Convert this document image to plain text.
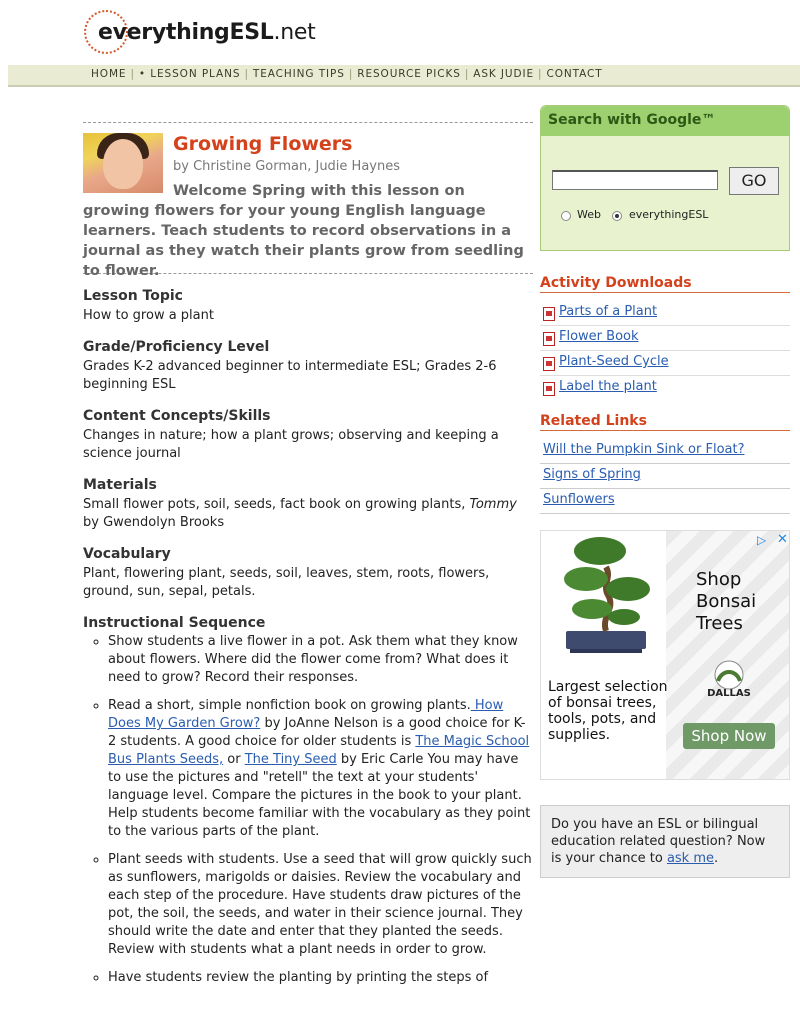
everythingESL.net
HOME | • LESSON PLANS | TEACHING TIPS | RESOURCE PICKS | ASK JUDIE | CONTACT
Growing Flowers
by Christine Gorman, Judie Haynes
Welcome Spring with this lesson on growing flowers for your young English language learners. Teach students to record observations in a journal as they watch their plants grow from seedling to flower.

Lesson Topic

How to grow a plant

Grade/Proficiency Level

Grades K-2 advanced beginner to intermediate ESL; Grades 2-6 beginning ESL

Content Concepts/Skills

Changes in nature; how a plant grows; observing and keeping a science journal

Materials

Small flower pots, soil, seeds, fact book on growing plants, Tommy by Gwendolyn Brooks

Vocabulary

Plant, flowering plant, seeds, soil, leaves, stem, roots, flowers, ground, sun, sepal, petals.

Instructional Sequence

◦ Show students a live flower in a pot. Ask them what they know about flowers. Where did the flower come from? What does it need to grow? Record their responses.
◦ Read a short, simple nonfiction book on growing plants. How Does My Garden Grow? by JoAnne Nelson is a good choice for K-2 students. A good choice for older students is The Magic School Bus Plants Seeds, or The Tiny Seed by Eric Carle You may have to use the pictures and "retell" the text at your students' language level. Compare the pictures in the book to your plant. Help students become familiar with the vocabulary as they point to the various parts of the plant.
◦ Plant seeds with students. Use a seed that will grow quickly such as sunflowers, marigolds or daisies. Review the vocabulary and each step of the procedure. Have students draw pictures of the pot, the soil, the seeds, and water in their science journal. They should write the date and enter that they planted the seeds. Review with students what a plant needs in order to grow.
◦ Have students review the planting by printing the steps of
Search with Google™
GO
Web	everythingESL
Activity Downloads
Parts of a Plant
Flower Book
Plant-Seed Cycle
Label the plant
Related Links
Will the Pumpkin Sink or Float?
Signs of Spring
Sunflowers
▷ ✕
Shop
Bonsai
Trees
DALLAS
Largest selection of bonsai trees, tools, pots, and supplies.	Shop Now
Do you have an ESL or bilingual education related question? Now is your chance to ask me.
